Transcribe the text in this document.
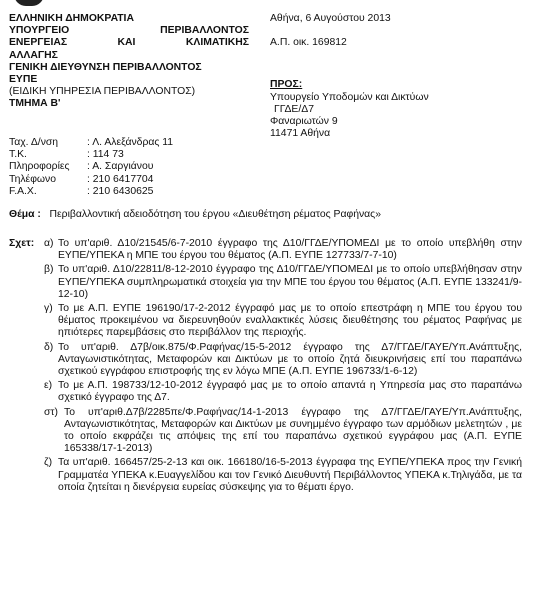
ΕΛΛΗΝΙΚΗ ΔΗΜΟΚΡΑΤΙΑ
ΥΠΟΥΡΓΕΙΟ	ΠΕΡΙΒΑΛΛΟΝΤΟΣ
ΕΝΕΡΓΕΙΑΣ	ΚΑΙ	ΚΛΙΜΑΤΙΚΗΣ
ΑΛΛΑΓΗΣ
ΓΕΝΙΚΗ ΔΙΕΥΘΥΝΣΗ ΠΕΡΙΒΑΛΛΟΝΤΟΣ
ΕΥΠΕ
(ΕΙΔΙΚΗ ΥΠΗΡΕΣΙΑ ΠΕΡΙΒΑΛΛΟΝΤΟΣ)
ΤΜΗΜΑ Β'
Αθήνα, 6 Αυγούστου 2013
Α.Π. οικ. 169812
ΠΡΟΣ:
Υπουργείο Υποδομών και Δικτύων
ΓΓΔΕ/Δ7
Φαναριωτών 9
11471 Αθήνα
Ταχ. Δ/νση	: Λ. Αλεξάνδρας 11
Τ.Κ.	: 114 73
Πληροφορίες	: Α. Σαργιάνου
Τηλέφωνο	: 210 6417704
F.A.X.	: 210 6430625
Θέμα : Περιβαλλοντική αδειοδότηση του έργου «Διευθέτηση ρέματος Ραφήνας»
Σχετ: α) Το υπ'αριθ. Δ10/21545/6-7-2010 έγγραφο της Δ10/ΓΓΔΕ/ΥΠΟΜΕΔΙ με το οποίο υπεβλήθη στην ΕΥΠΕ/ΥΠΕΚΑ η ΜΠΕ του έργου του θέματος (Α.Π. ΕΥΠΕ 127733/7-7-10)
β) Το υπ'αριθ. Δ10/22811/8-12-2010 έγγραφο της Δ10/ΓΓΔΕ/ΥΠΟΜΕΔΙ με το οποίο υπεβλήθησαν στην ΕΥΠΕ/ΥΠΕΚΑ συμπληρωματικά στοιχεία για την ΜΠΕ του έργου του θέματος (Α.Π. ΕΥΠΕ 133241/9-12-10)
γ) Το με Α.Π. ΕΥΠΕ 196190/17-2-2012 έγγραφό μας με το οποίο επεστράφη η ΜΠΕ του έργου του θέματος προκειμένου να διερευνηθούν εναλλακτικές λύσεις διευθέτησης του ρέματος Ραφήνας με ηπιότερες παρεμβάσεις στο περιβάλλον της περιοχής.
δ) Το υπ'αριθ. Δ7β/οικ.875/Φ.Ραφήνας/15-5-2012 έγγραφο της Δ7/ΓΓΔΕ/ΓΑΥΕ/Υπ.Ανάπτυξης, Ανταγωνιστικότητας, Μεταφορών και Δικτύων με το οποίο ζητά διευκρινήσεις επί του παραπάνω σχετικού εγγράφου επιστροφής της εν λόγω ΜΠΕ (Α.Π. ΕΥΠΕ 196733/1-6-12)
ε) Το με Α.Π. 198733/12-10-2012 έγγραφό μας με το οποίο απαντά η Υπηρεσία μας στο παραπάνω σχετικό έγγραφο της Δ7.
στ) Το υπ'αριθ.Δ7β/2285πε/Φ.Ραφήνας/14-1-2013 έγγραφο της Δ7/ΓΓΔΕ/ΓΑΥΕ/Υπ.Ανάπτυξης, Ανταγωνιστικότητας, Μεταφορών και Δικτύων με συνημμένο έγγραφο των αρμόδιων μελετητών , με το οποίο εκφράζει τις απόψεις της επί του παραπάνω σχετικού εγγράφου μας (Α.Π. ΕΥΠΕ 165338/17-1-2013)
ζ) Τα υπ'αριθ. 166457/25-2-13 και οικ. 166180/16-5-2013 έγγραφα της ΕΥΠΕ/ΥΠΕΚΑ προς την Γενική Γραμματέα ΥΠΕΚΑ κ.Ευαγγελίδου και τον Γενικό Διευθυντή Περιβάλλοντος ΥΠΕΚΑ κ.Τηλιγάδα, με τα οποία ζητείται η διενέργεια ευρείας σύσκεψης για το θέματι έργο.
